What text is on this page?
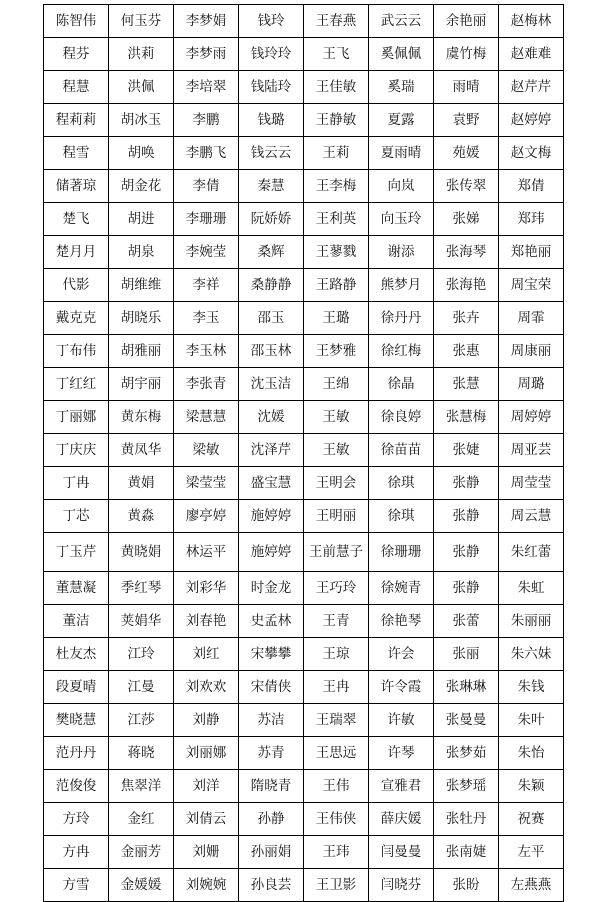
陈智伟	何玉芬	李梦娟	钱玲	王春燕	武云云	余艳丽	赵梅林
程芬	洪莉	李梦雨	钱玲玲	王飞	奚佩佩	虞竹梅	赵难难
程慧	洪佩	李培翠	钱陆玲	王佳敏	奚瑞	雨晴	赵芹芹
程莉莉	胡冰玉	李鹏	钱璐	王静敏	夏露	袁野	赵婷婷
程雪	胡唤	李鹏飞	钱云云	王莉	夏雨晴	苑媛	赵文梅
储著琼	胡金花	李倩	秦慧	王李梅	向岚	张传翠	郑倩
楚飞	胡进	李珊珊	阮娇娇	王利英	向玉玲	张娣	郑玮
楚月月	胡泉	李婉莹	桑辉	王蓼戮	谢添	张海琴	郑艳丽
代影	胡维维	李祥	桑静静	王路静	熊梦月	张海艳	周宝荣
戴克克	胡晓乐	李玉	邵玉	王璐	徐丹丹	张卉	周霏
丁布伟	胡雅丽	李玉林	邵玉林	王梦雅	徐红梅	张惠	周康丽
丁红红	胡宇丽	李张青	沈玉洁	王绵	徐晶	张慧	周璐
丁丽娜	黄东梅	梁慧慧	沈媛	王敏	徐良婷	张慧梅	周婷婷
丁庆庆	黄凤华	梁敏	沈泽芹	王敏	徐苗苗	张婕	周亚芸
丁冉	黄娟	梁莹莹	盛宝慧	王明会	徐琪	张静	周莹莹
丁芯	黄淼	廖亭婷	施婷婷	王明丽	徐琪	张静	周云慧
丁玉芹	黄晓娟	林运平	施婷婷	王前慧子	徐珊珊	张静	朱红蕾
董慧凝	季红琴	刘彩华	时金龙	王巧玲	徐婉青	张静	朱虹
董洁	荚娟华	刘春艳	史孟林	王青	徐艳琴	张蕾	朱丽丽
杜友杰	江玲	刘红	宋攀攀	王琼	许会	张丽	朱六妹
段夏晴	江曼	刘欢欢	宋倩侠	王冉	许令霞	张琳琳	朱钱
樊晓慧	江莎	刘静	苏洁	王瑞翠	许敏	张曼曼	朱叶
范丹丹	蒋晓	刘丽娜	苏青	王思远	许琴	张梦茹	朱怡
范俊俊	焦翠洋	刘洋	隋晓青	王伟	宣雅君	张梦瑶	朱颖
方玲	金红	刘倩云	孙静	王伟侠	薛庆媛	张牡丹	祝赛
方冉	金丽芳	刘姗	孙丽娟	王玮	闫曼曼	张南婕	左平
方雪	金媛媛	刘婉婉	孙良芸	王卫影	闫晓芬	张盼	左燕燕
